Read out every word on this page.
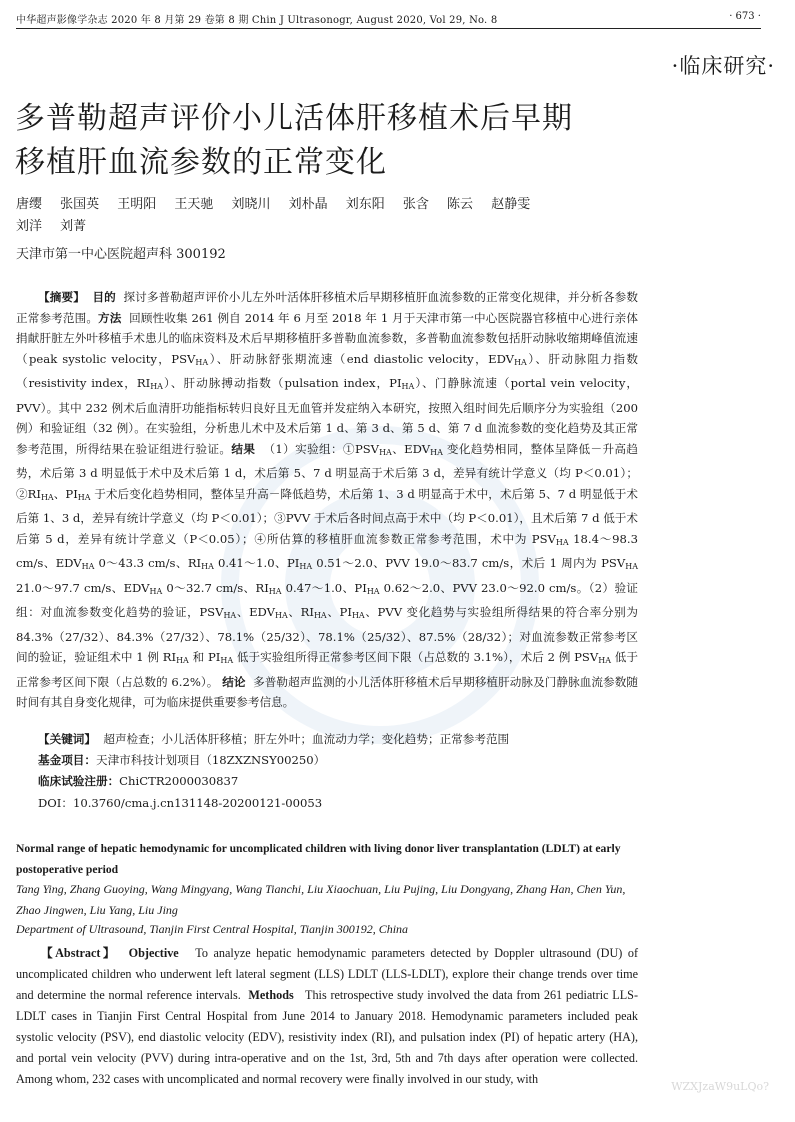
中华超声影像学杂志 2020 年 8 月第 29 卷第 8 期 Chin J Ultrasonogr, August 2020, Vol 29, No. 8	· 673 ·
·临床研究·
多普勒超声评价小儿活体肝移植术后早期
移植肝血流参数的正常变化
唐缨 张国英 王明阳 王天驰 刘晓川 刘朴晶 刘东阳 张含 陈云 赵静雯
刘洋 刘菁
天津市第一中心医院超声科 300192
【摘要】 目的 探讨多普勒超声评价小儿左外叶活体肝移植术后早期移植肝血流参数的正常变化规律，并分析各参数正常参考范围。方法 回顾性收集 261 例自 2014 年 6 月至 2018 年 1 月于天津市第一中心医院器官移植中心进行亲体捐献肝脏左外叶移植手术患儿的临床资料及术后早期移植肝多普勒血流参数，多普勒血流参数包括肝动脉收缩期峰值流速（peak systolic velocity，$PSV_{HA}$）、肝动脉舒张期流速（end diastolic velocity，$EDV_{HA}$）、肝动脉阻力指数（resistivity index，$RI_{HA}$）、肝动脉搏动指数（pulsation index，$PI_{HA}$）、门静脉流速（portal vein velocity，PVV）。其中 232 例术后血清肝功能指标转归良好且无血管并发症纳入本研究，按照入组时间先后顺序分为实验组（200 例）和验证组（32 例）。在实验组，分析患儿术中及术后第 1 d、第 3 d、第 5 d、第 7 d 血流参数的变化趋势及其正常参考范围，所得结果在验证组进行验证。结果 （1）实验组：$①PSV_{HA}$、$EDV_{HA}$ 变化趋势相同，整体呈降低－升高趋势，术后第 3 d 明显低于术中及术后第 1 d，术后第 5、7 d 明显高于术后第 3 d，差异有统计学意义（均 P＜0.01）；$②RI_{HA}$、$PI_{HA}$ 于术后变化趋势相同，整体呈升高－降低趋势，术后第 1、3 d 明显高于术中，术后第 5、7 d 明显低于术后第 1、3 d，差异有统计学意义（均 P＜0.01）；③PVV 于术后各时间点高于术中（均 P＜0.01），且术后第 7 d 低于术后第 5 d，差异有统计学意义（P＜0.05）；④所估算的移植肝血流参数正常参考范围，术中为 $PSV_{HA}$ 18.4～98.3 cm/s、$EDV_{HA}$ 0～43.3 cm/s、$RI_{HA}$ 0.41～1.0、$PI_{HA}$ 0.51～2.0、PVV 19.0～83.7 cm/s，术后 1 周内为 $PSV_{HA}$ 21.0～97.7 cm/s、$EDV_{HA}$ 0～32.7 cm/s、$RI_{HA}$ 0.47～1.0、$PI_{HA}$ 0.62～2.0、PVV 23.0～92.0 cm/s。（2）验证组：对血流参数变化趋势的验证，$PSV_{HA}$、$EDV_{HA}$、$RI_{HA}$、$PI_{HA}$、PVV 变化趋势与实验组所得结果的符合率分别为 84.3%（27/32）、84.3%（27/32）、78.1%（25/32）、78.1%（25/32）、87.5%（28/32）；对血流参数正常参考区间的验证，验证组术中 1 例 $RI_{HA}$ 和 $PI_{HA}$ 低于实验组所得正常参考区间下限（占总数的 3.1%），术后 2 例 $PSV_{HA}$ 低于正常参考区间下限（占总数的 6.2%）。 结论 多普勒超声监测的小儿活体肝移植术后早期移植肝动脉及门静脉血流参数随时间有其自身变化规律，可为临床提供重要参考信息。
【关键词】 超声检查；小儿活体肝移植；肝左外叶；血流动力学；变化趋势；正常参考范围
基金项目：天津市科技计划项目（18ZXZNSY00250）
临床试验注册：ChiCTR2000030837
DOI：10.3760/cma.j.cn131148-20200121-00053
Normal range of hepatic hemodynamic for uncomplicated children with living donor liver transplantation (LDLT) at early postoperative period
Tang Ying, Zhang Guoying, Wang Mingyang, Wang Tianchi, Liu Xiaochuan, Liu Pujing, Liu Dongyang, Zhang Han, Chen Yun, Zhao Jingwen, Liu Yang, Liu Jing
Department of Ultrasound, Tianjin First Central Hospital, Tianjin 300192, China
【Abstract】 Objective To analyze hepatic hemodynamic parameters detected by Doppler ultrasound (DU) of uncomplicated children who underwent left lateral segment (LLS) LDLT (LLS-LDLT), explore their change trends over time and determine the normal reference intervals. Methods This retrospective study involved the data from 261 pediatric LLS-LDLT cases in Tianjin First Central Hospital from June 2014 to January 2018. Hemodynamic parameters included peak systolic velocity (PSV), end diastolic velocity (EDV), resistivity index (RI), and pulsation index (PI) of hepatic artery (HA), and portal vein velocity (PVV) during intra-operative and on the 1st, 3rd, 5th and 7th days after operation were collected. Among whom, 232 cases with uncomplicated and normal recovery were finally involved in our study, with
WZXJzaW9uLQo?
